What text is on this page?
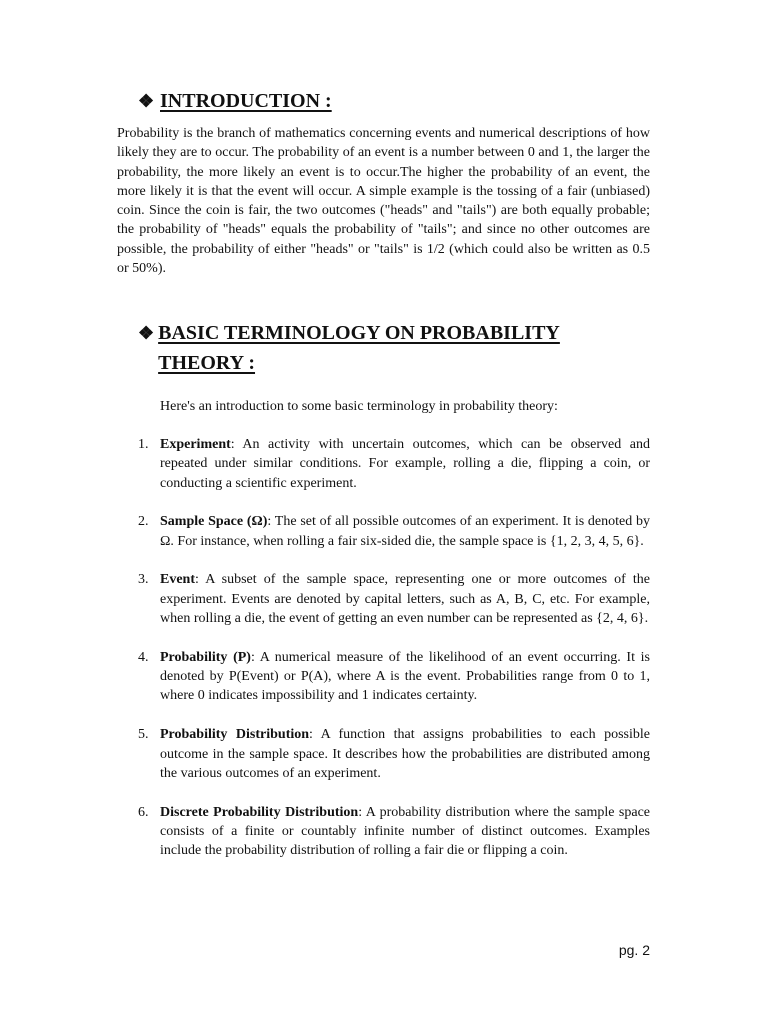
❖ INTRODUCTION :
Probability is the branch of mathematics concerning events and numerical descriptions of how likely they are to occur. The probability of an event is a number between 0 and 1, the larger the probability, the more likely an event is to occur.The higher the probability of an event, the more likely it is that the event will occur. A simple example is the tossing of a fair (unbiased) coin. Since the coin is fair, the two outcomes ("heads" and "tails") are both equally probable; the probability of "heads" equals the probability of "tails"; and since no other outcomes are possible, the probability of either "heads" or "tails" is 1/2 (which could also be written as 0.5 or 50%).
❖ BASIC TERMINOLOGY ON PROBABILITY THEORY :
Here's an introduction to some basic terminology in probability theory:
1. Experiment: An activity with uncertain outcomes, which can be observed and repeated under similar conditions. For example, rolling a die, flipping a coin, or conducting a scientific experiment.
2. Sample Space (Ω): The set of all possible outcomes of an experiment. It is denoted by Ω. For instance, when rolling a fair six-sided die, the sample space is {1, 2, 3, 4, 5, 6}.
3. Event: A subset of the sample space, representing one or more outcomes of the experiment. Events are denoted by capital letters, such as A, B, C, etc. For example, when rolling a die, the event of getting an even number can be represented as {2, 4, 6}.
4. Probability (P): A numerical measure of the likelihood of an event occurring. It is denoted by P(Event) or P(A), where A is the event. Probabilities range from 0 to 1, where 0 indicates impossibility and 1 indicates certainty.
5. Probability Distribution: A function that assigns probabilities to each possible outcome in the sample space. It describes how the probabilities are distributed among the various outcomes of an experiment.
6. Discrete Probability Distribution: A probability distribution where the sample space consists of a finite or countably infinite number of distinct outcomes. Examples include the probability distribution of rolling a fair die or flipping a coin.
pg. 2
